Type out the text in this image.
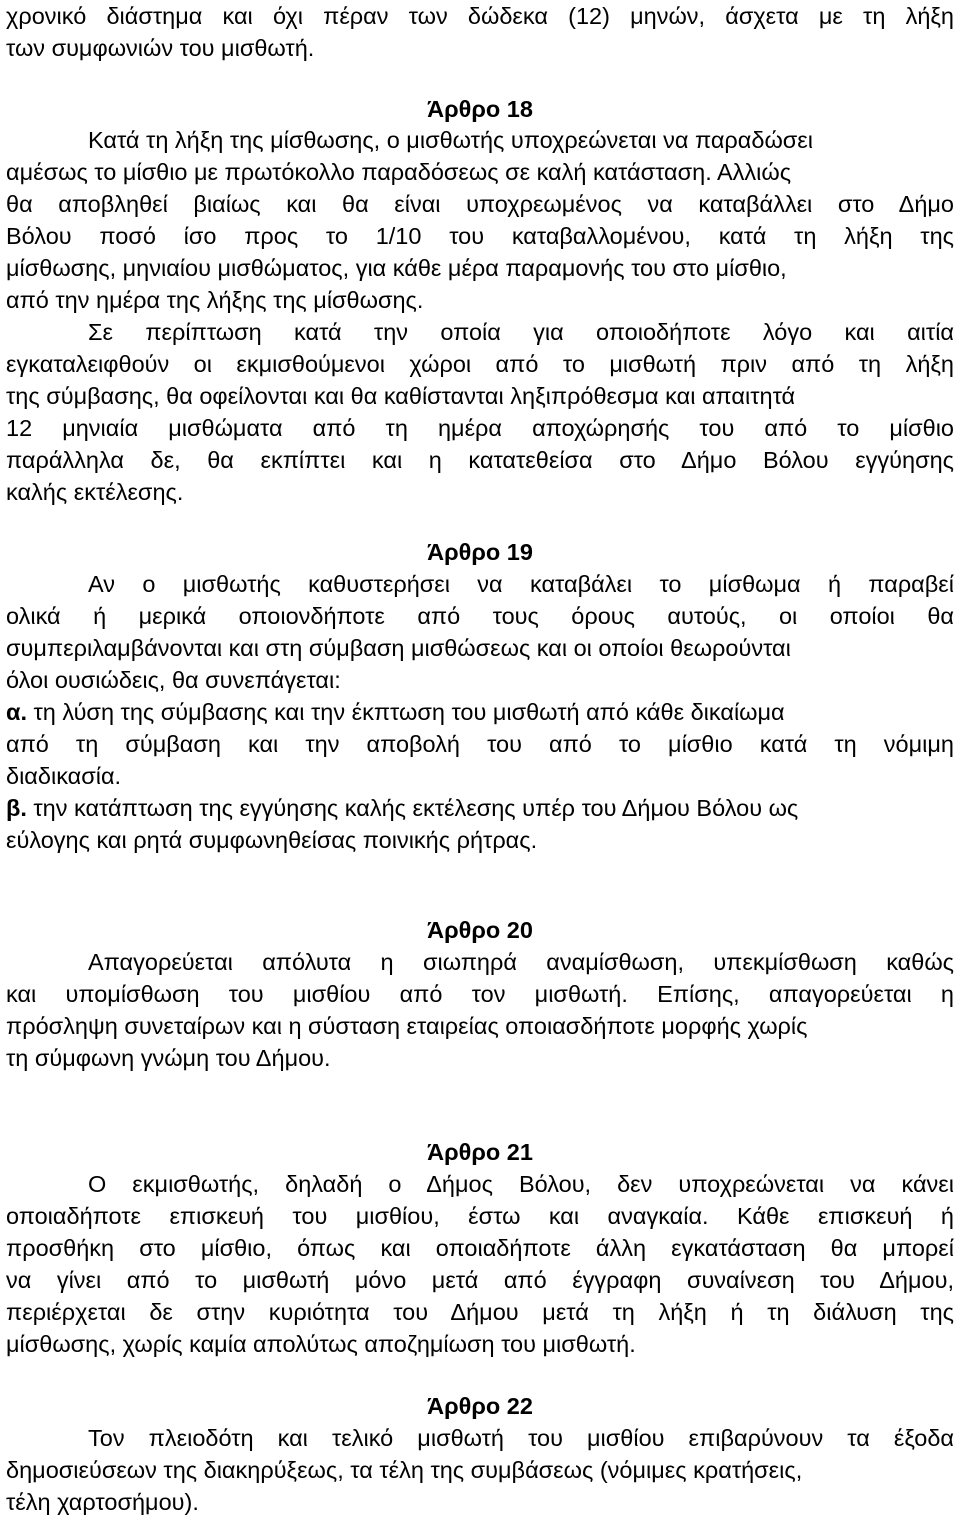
χρονικό διάστημα και όχι πέραν των δώδεκα (12) μηνών, άσχετα με τη λήξη
των συμφωνιών του μισθωτή.
Άρθρο 18
Κατά τη λήξη της μίσθωσης, ο μισθωτής υποχρεώνεται να παραδώσει
αμέσως το μίσθιο με πρωτόκολλο παραδόσεως σε καλή κατάσταση. Αλλιώς
θα αποβληθεί βιαίως και θα είναι υποχρεωμένος να καταβάλλει στο Δήμο
Βόλου ποσό ίσο προς το 1/10 του καταβαλλομένου, κατά τη λήξη της
μίσθωσης, μηνιαίου μισθώματος, για κάθε μέρα παραμονής του στο μίσθιο,
από την ημέρα της λήξης της μίσθωσης.
Σε περίπτωση κατά την οποία για οποιοδήποτε λόγο και αιτία
εγκαταλειφθούν οι εκμισθούμενοι χώροι από το μισθωτή πριν από τη λήξη
της σύμβασης, θα οφείλονται και θα καθίστανται ληξιπρόθεσμα και απαιτητά
12 μηνιαία μισθώματα από τη ημέρα αποχώρησής του από το μίσθιο
παράλληλα δε, θα εκπίπτει και η κατατεθείσα στο Δήμο Βόλου εγγύησης
καλής εκτέλεσης.
Άρθρο 19
Αν ο μισθωτής καθυστερήσει να καταβάλει το μίσθωμα ή παραβεί
ολικά ή μερικά οποιονδήποτε από τους όρους αυτούς, οι οποίοι θα
συμπεριλαμβάνονται και στη σύμβαση μισθώσεως και οι οποίοι θεωρούνται
όλοι ουσιώδεις, θα συνεπάγεται:
α. τη λύση της σύμβασης και την έκπτωση του μισθωτή από κάθε δικαίωμα
από τη σύμβαση και την αποβολή του από το μίσθιο κατά τη νόμιμη
διαδικασία.
β. την κατάπτωση της εγγύησης καλής εκτέλεσης υπέρ του Δήμου Βόλου ως
εύλογης και ρητά συμφωνηθείσας ποινικής ρήτρας.
Άρθρο 20
Απαγορεύεται απόλυτα η σιωπηρά αναμίσθωση, υπεκμίσθωση καθώς
και υπομίσθωση του μισθίου από τον μισθωτή. Επίσης, απαγορεύεται η
πρόσληψη συνεταίρων και η σύσταση εταιρείας οποιασδήποτε μορφής χωρίς
τη σύμφωνη γνώμη του Δήμου.
Άρθρο 21
Ο εκμισθωτής, δηλαδή ο Δήμος Βόλου, δεν υποχρεώνεται να κάνει
οποιαδήποτε επισκευή του μισθίου, έστω και αναγκαία. Κάθε επισκευή ή
προσθήκη στο μίσθιο, όπως και οποιαδήποτε άλλη εγκατάσταση θα μπορεί
να γίνει από το μισθωτή μόνο μετά από έγγραφη συναίνεση του Δήμου,
περιέρχεται δε στην κυριότητα του Δήμου μετά τη λήξη ή τη διάλυση της
μίσθωσης, χωρίς καμία απολύτως αποζημίωση του μισθωτή.
Άρθρο 22
Τον πλειοδότη και τελικό μισθωτή του μισθίου επιβαρύνουν τα έξοδα
δημοσιεύσεων της διακηρύξεως, τα τέλη της συμβάσεως (νόμιμες κρατήσεις,
τέλη χαρτοσήμου).
